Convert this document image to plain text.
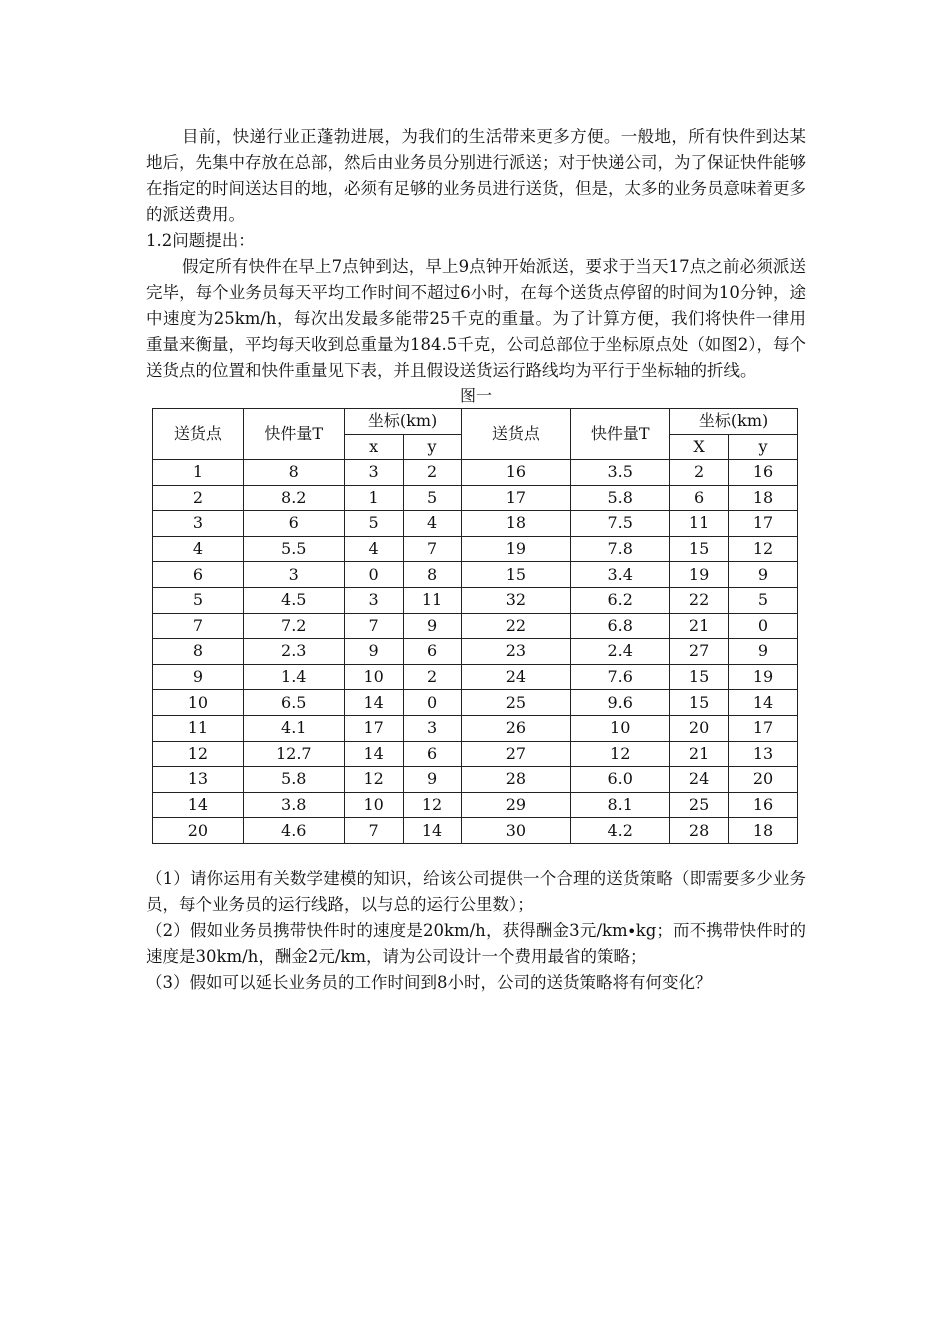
目前，快递行业正蓬勃进展，为我们的生活带来更多方便。一般地，所有快件到达某地后，先集中存放在总部，然后由业务员分别进行派送；对于快递公司，为了保证快件能够在指定的时间送达目的地，必须有足够的业务员进行送货，但是，太多的业务员意味着更多的派送费用。

1.2问题提出：

假定所有快件在早上7点钟到达，早上9点钟开始派送，要求于当天17点之前必须派送完毕，每个业务员每天平均工作时间不超过6小时，在每个送货点停留的时间为10分钟，途中速度为25km/h，每次出发最多能带25千克的重量。为了计算方便，我们将快件一律用重量来衡量，平均每天收到总重量为184.5千克，公司总部位于坐标原点处（如图2），每个送货点的位置和快件重量见下表，并且假设送货运行路线均为平行于坐标轴的折线。

图一
送货点	快件量T	坐标(km)		送货点	快件量T	坐标(km)	
		x	y			X	y
1	8	3	2	16	3.5	2	16
2	8.2	1	5	17	5.8	6	18
3	6	5	4	18	7.5	11	17
4	5.5	4	7	19	7.8	15	12
6	3	0	8	15	3.4	19	9
5	4.5	3	11	32	6.2	22	5
7	7.2	7	9	22	6.8	21	0
8	2.3	9	6	23	2.4	27	9
9	1.4	10	2	24	7.6	15	19
10	6.5	14	0	25	9.6	15	14
11	4.1	17	3	26	10	20	17
12	12.7	14	6	27	12	21	13
13	5.8	12	9	28	6.0	24	20
14	3.8	10	12	29	8.1	25	16
20	4.6	7	14	30	4.2	28	18

（1）请你运用有关数学建模的知识，给该公司提供一个合理的送货策略（即需要多少业务员，每个业务员的运行线路，以与总的运行公里数）；

（2）假如业务员携带快件时的速度是20km/h，获得酬金3元/km∙kg；而不携带快件时的速度是30km/h，酬金2元/km，请为公司设计一个费用最省的策略；

（3）假如可以延长业务员的工作时间到8小时，公司的送货策略将有何变化？
